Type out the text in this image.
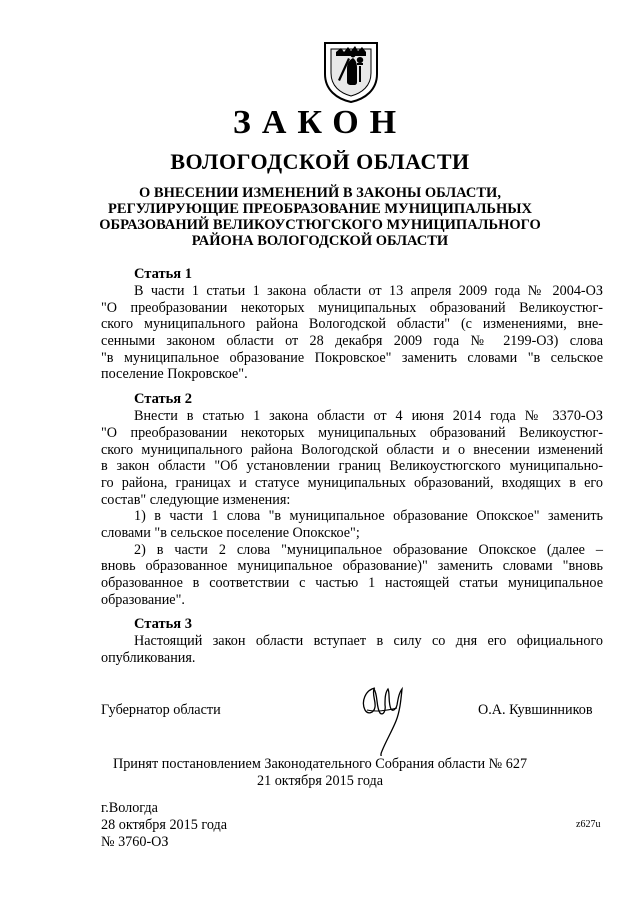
ЗАКОН
ВОЛОГОДСКОЙ ОБЛАСТИ
О ВНЕСЕНИИ ИЗМЕНЕНИЙ В ЗАКОНЫ ОБЛАСТИ,
РЕГУЛИРУЮЩИЕ ПРЕОБРАЗОВАНИЕ МУНИЦИПАЛЬНЫХ
ОБРАЗОВАНИЙ ВЕЛИКОУСТЮГСКОГО МУНИЦИПАЛЬНОГО
РАЙОНА ВОЛОГОДСКОЙ ОБЛАСТИ
Статья 1
В части 1 статьи 1 закона области от 13 апреля 2009 года № 2004-ОЗ
"О преобразовании некоторых муниципальных образований Великоустюг-
ского муниципального района Вологодской области" (с изменениями, вне-
сенными законом области от 28 декабря 2009 года № 2199-ОЗ) слова
"в муниципальное образование Покровское" заменить словами "в сельское
поселение Покровское".
Статья 2
Внести в статью 1 закона области от 4 июня 2014 года № 3370-ОЗ
"О преобразовании некоторых муниципальных образований Великоустюг-
ского муниципального района Вологодской области и о внесении изменений
в закон области "Об установлении границ Великоустюгского муниципально-
го района, границах и статусе муниципальных образований, входящих в его
состав" следующие изменения:
1) в части 1 слова "в муниципальное образование Опокское" заменить
словами "в сельское поселение Опокское";
2) в части 2 слова "муниципальное образование Опокское (далее –
вновь образованное муниципальное образование)" заменить словами "вновь
образованное в соответствии с частью 1 настоящей статьи муниципальное
образование".
Статья 3
Настоящий закон области вступает в силу со дня его официального
опубликования.
Губернатор области	О.А. Кувшинников
Принят постановлением Законодательного Собрания области № 627
21 октября 2015 года
г.Вологда
28 октября 2015 года
№ 3760-ОЗ
z627u
